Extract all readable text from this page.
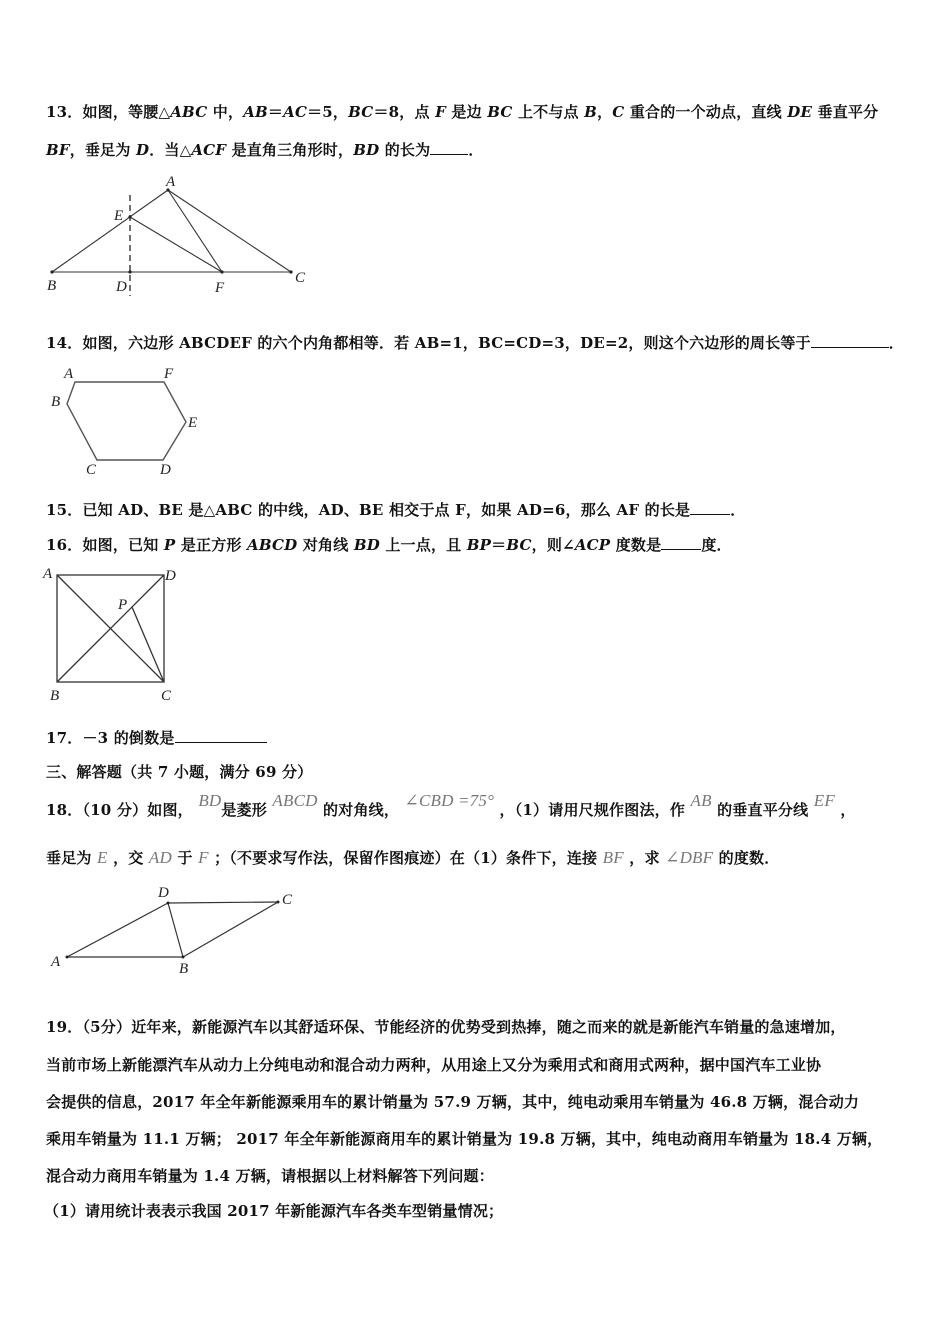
13．如图，等腰△ABC 中，AB＝AC＝5，BC＝8，点 F 是边 BC 上不与点 B，C 重合的一个动点，直线 DE 垂直平分
BF，垂足为 D．当△ACF 是直角三角形时，BD 的长为	．
A
E
B	D	F
C
14．如图，六边形 ABCDEF 的六个内角都相等．若 AB=1，BC=CD=3，DE=2，则这个六边形的周长等于	．
A	F
B
E
C	D
15．已知 AD、BE 是△ABC 的中线，AD、BE 相交于点 F，如果 AD=6，那么 AF 的长是	．
16．如图，已知 P 是正方形 ABCD 对角线 BD 上一点，且 BP＝BC，则∠ACP 度数是	度．
A	D
P
B	C
17．－3 的倒数是
三、解答题（共 7 小题，满分 69 分）
18．（10 分）如图， BD是菱形 ABCD 的对角线， ∠CBD =75° ，（1）请用尺规作图法，作 AB 的垂直平分线 EF ，
垂足为 E ，交 AD 于 F ；（不要求写作法，保留作图痕迹）在（1）条件下，连接 BF ，求 ∠DBF 的度数．
D	C
A	B
19．（5分）近年来，新能源汽车以其舒适环保、节能经济的优势受到热捧，随之而来的就是新能汽车销量的急速增加，
当前市场上新能漂汽车从动力上分纯电动和混合动力两种，从用途上又分为乘用式和商用式两种，据中国汽车工业协
会提供的信息，2017 年全年新能源乘用车的累计销量为 57.9 万辆，其中，纯电动乘用车销量为 46.8 万辆，混合动力
乘用车销量为 11.1 万辆； 2017 年全年新能源商用车的累计销量为 19.8 万辆，其中，纯电动商用车销量为 18.4 万辆，
混合动力商用车销量为 1.4 万辆，请根据以上材料解答下列问题：
（1）请用统计表表示我国 2017 年新能源汽车各类车型销量情况；
